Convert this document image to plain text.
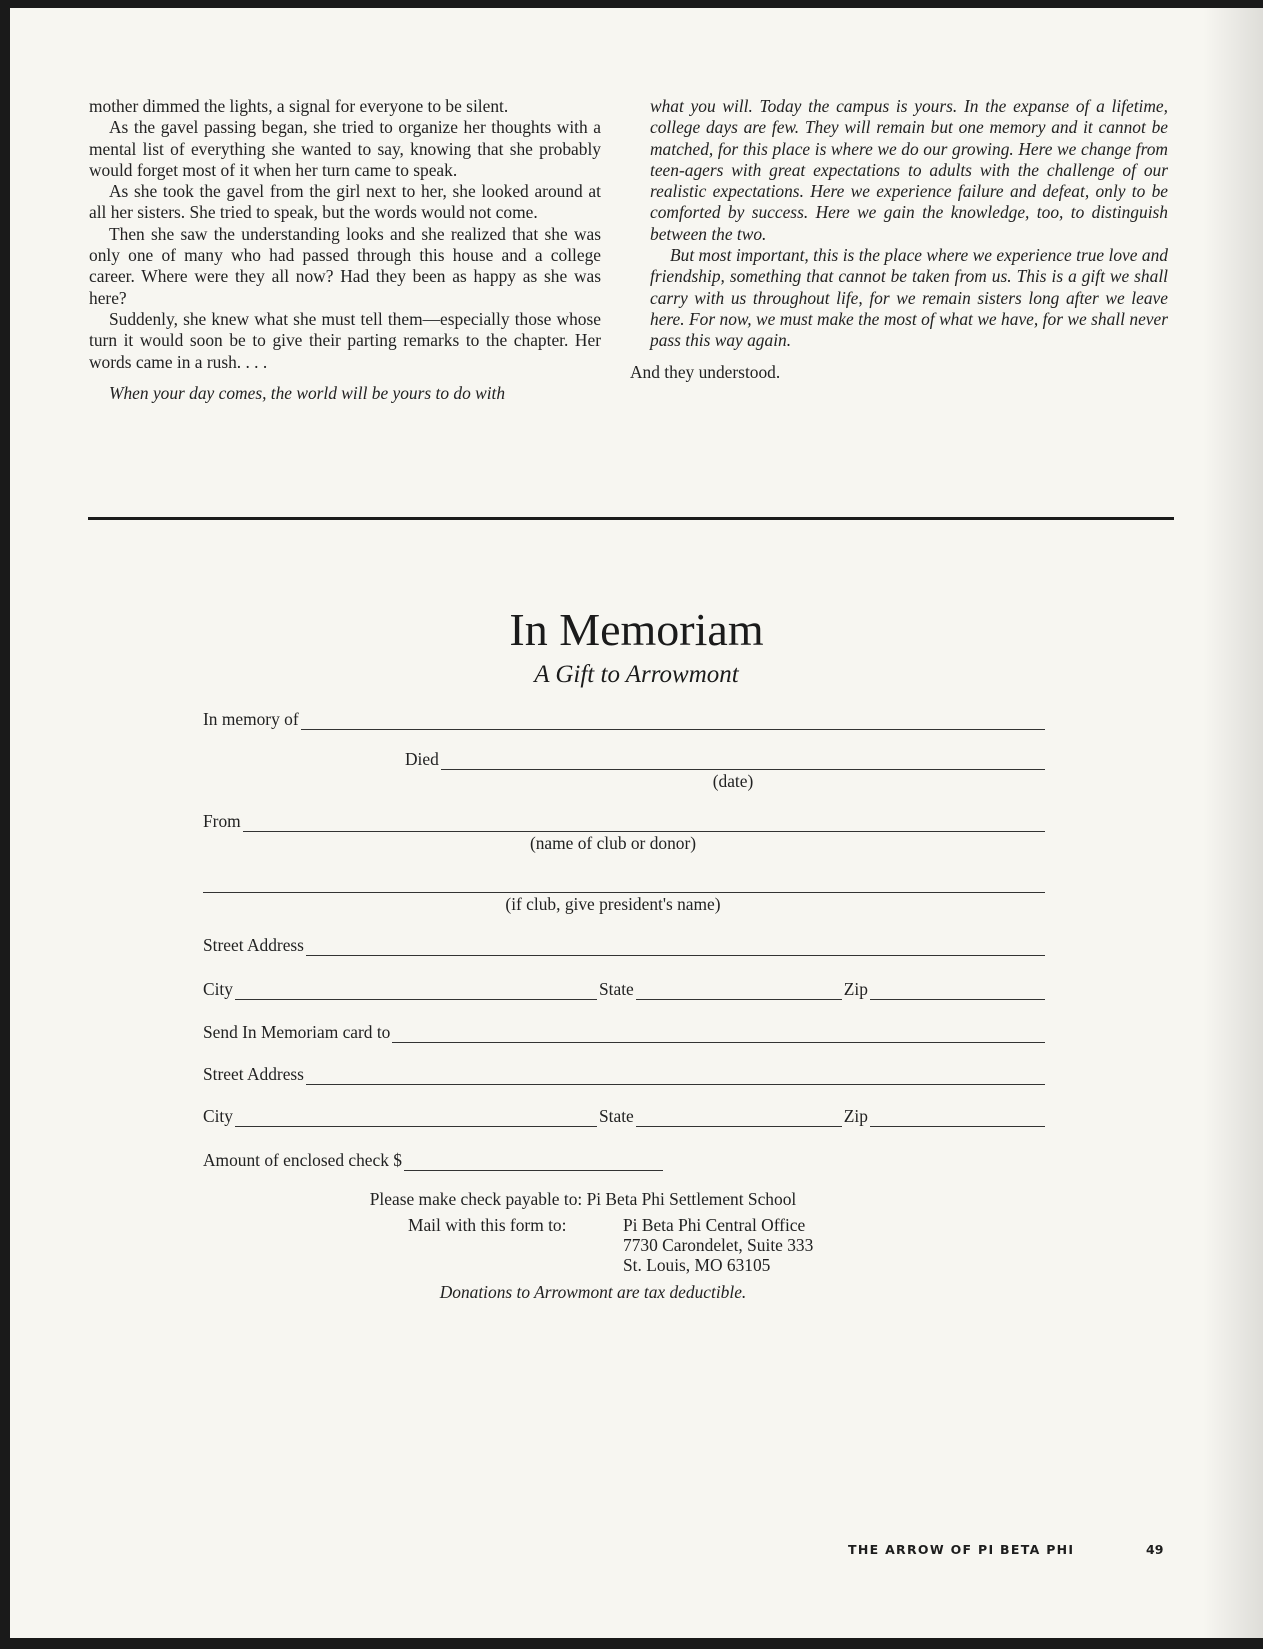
mother dimmed the lights, a signal for everyone to be silent.

As the gavel passing began, she tried to organize her thoughts with a mental list of everything she wanted to say, knowing that she probably would forget most of it when her turn came to speak.

As she took the gavel from the girl next to her, she looked around at all her sisters. She tried to speak, but the words would not come.

Then she saw the understanding looks and she realized that she was only one of many who had passed through this house and a college career. Where were they all now? Had they been as happy as she was here?

Suddenly, she knew what she must tell them—especially those whose turn it would soon be to give their parting remarks to the chapter. Her words came in a rush. . . .

When your day comes, the world will be yours to do with

what you will. Today the campus is yours. In the expanse of a lifetime, college days are few. They will remain but one memory and it cannot be matched, for this place is where we do our growing. Here we change from teen-agers with great expectations to adults with the challenge of our realistic expectations. Here we experience failure and defeat, only to be comforted by success. Here we gain the knowledge, too, to distinguish between the two.

But most important, this is the place where we experience true love and friendship, something that cannot be taken from us. This is a gift we shall carry with us throughout life, for we remain sisters long after we leave here. For now, we must make the most of what we have, for we shall never pass this way again.

And they understood.

In Memoriam
A Gift to Arrowmont
In memory of
Died
(date)
From
(name of club or donor)
(if club, give president's name)
Street Address
City	State	Zip
Send In Memoriam card to
Street Address
City	State	Zip
Amount of enclosed check $
Please make check payable to: Pi Beta Phi Settlement School
Mail with this form to:	Pi Beta Phi Central Office
7730 Carondelet, Suite 333
St. Louis, MO 63105
Donations to Arrowmont are tax deductible.
THE ARROW OF PI BETA PHI	49
